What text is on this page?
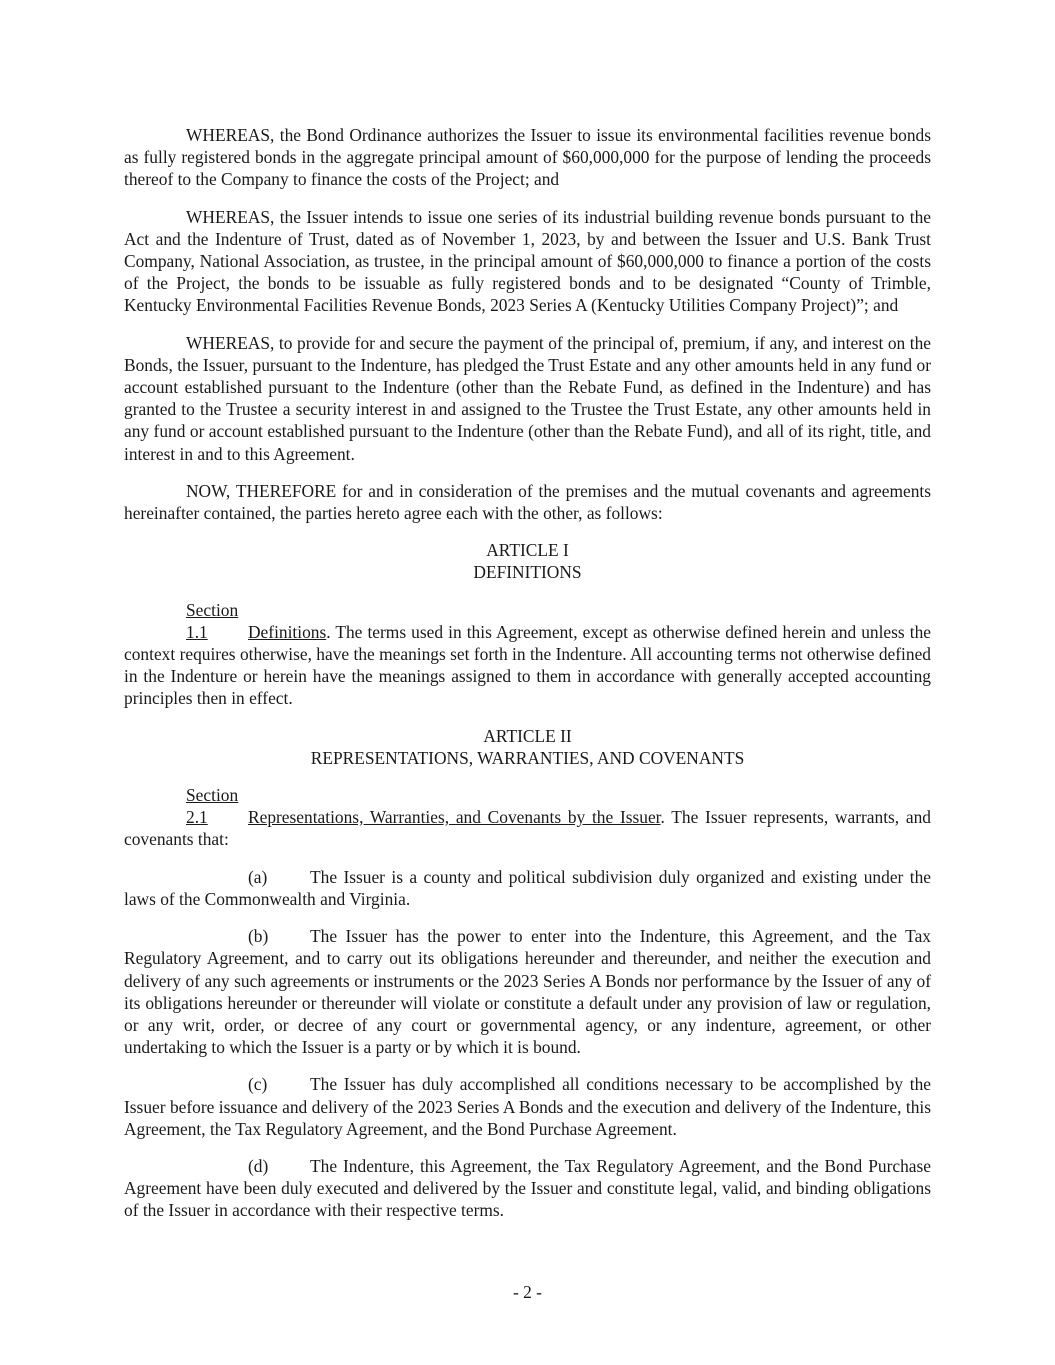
WHEREAS, the Bond Ordinance authorizes the Issuer to issue its environmental facilities revenue bonds as fully registered bonds in the aggregate principal amount of $60,000,000 for the purpose of lending the proceeds thereof to the Company to finance the costs of the Project; and

WHEREAS, the Issuer intends to issue one series of its industrial building revenue bonds pursuant to the Act and the Indenture of Trust, dated as of November 1, 2023, by and between the Issuer and U.S. Bank Trust Company, National Association, as trustee, in the principal amount of $60,000,000 to finance a portion of the costs of the Project, the bonds to be issuable as fully registered bonds and to be designated “County of Trimble, Kentucky Environmental Facilities Revenue Bonds, 2023 Series A (Kentucky Utilities Company Project)”; and

WHEREAS, to provide for and secure the payment of the principal of, premium, if any, and interest on the Bonds, the Issuer, pursuant to the Indenture, has pledged the Trust Estate and any other amounts held in any fund or account established pursuant to the Indenture (other than the Rebate Fund, as defined in the Indenture) and has granted to the Trustee a security interest in and assigned to the Trustee the Trust Estate, any other amounts held in any fund or account established pursuant to the Indenture (other than the Rebate Fund), and all of its right, title, and interest in and to this Agreement.

NOW, THEREFORE for and in consideration of the premises and the mutual covenants and agreements hereinafter contained, the parties hereto agree each with the other, as follows:

ARTICLE I
DEFINITIONS

Section 1.1 Definitions. The terms used in this Agreement, except as otherwise defined herein and unless the context requires otherwise, have the meanings set forth in the Indenture. All accounting terms not otherwise defined in the Indenture or herein have the meanings assigned to them in accordance with generally accepted accounting principles then in effect.

ARTICLE II
REPRESENTATIONS, WARRANTIES, AND COVENANTS

Section 2.1 Representations, Warranties, and Covenants by the Issuer. The Issuer represents, warrants, and covenants that:

(a) The Issuer is a county and political subdivision duly organized and existing under the laws of the Commonwealth and Virginia.

(b) The Issuer has the power to enter into the Indenture, this Agreement, and the Tax Regulatory Agreement, and to carry out its obligations hereunder and thereunder, and neither the execution and delivery of any such agreements or instruments or the 2023 Series A Bonds nor performance by the Issuer of any of its obligations hereunder or thereunder will violate or constitute a default under any provision of law or regulation, or any writ, order, or decree of any court or governmental agency, or any indenture, agreement, or other undertaking to which the Issuer is a party or by which it is bound.

(c) The Issuer has duly accomplished all conditions necessary to be accomplished by the Issuer before issuance and delivery of the 2023 Series A Bonds and the execution and delivery of the Indenture, this Agreement, the Tax Regulatory Agreement, and the Bond Purchase Agreement.

(d) The Indenture, this Agreement, the Tax Regulatory Agreement, and the Bond Purchase Agreement have been duly executed and delivered by the Issuer and constitute legal, valid, and binding obligations of the Issuer in accordance with their respective terms.

- 2 -
